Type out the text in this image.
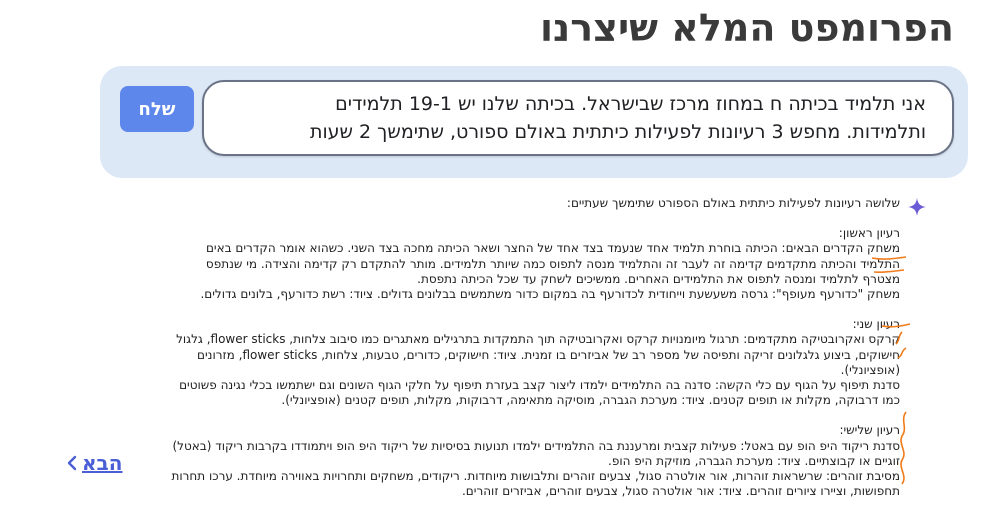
הפרומפט המלא שיצרנו
אני תלמיד בכיתה ח במחוז מרכז שבישראל. בכיתה שלנו יש 19-1 תלמידים
ותלמידות. מחפש 3 רעיונות לפעילות כיתתית באולם ספורט, שתימשך 2 שעות
שלח

שלושה רעיונות לפעילות כיתתית באולם הספורט שתימשך שעתיים:

רעיון ראשון:

משחק הקדרים הבאים: הכיתה בוחרת תלמיד אחד שנעמד בצד אחד של החצר ושאר הכיתה מחכה בצד השני. כשהוא אומר הקדרים באים

התלמיד והכיתה מתקדמים קדימה זה לעבר זה והתלמיד מנסה לתפוס כמה שיותר תלמידים. מותר להתקדם רק קדימה והצידה. מי שנתפס

מצטרף לתלמיד ומנסה לתפוס את התלמידים האחרים. ממשיכים לשחק עד שכל הכיתה נתפסת.

משחק "כדורעף מעופף": גרסה משעשעת וייחודית לכדורעף בה במקום כדור משתמשים בבלונים גדולים. ציוד: רשת כדורעף, בלונים גדולים.

רעיון שני:

קרקס ואקרובטיקה מתקדמים: תרגול מיומנויות קרקס ואקרובטיקה תוך התמקדות בתרגילים מאתגרים כמו סיבוב צלחות, flower sticks, גלגול

חישוקים, ביצוע גלגלונים זריקה ותפיסה של מספר רב של אביזרים בו זמנית. ציוד: חישוקים, כדורים, טבעות, צלחות, flower sticks, מזרונים

(אופציונלי).

סדנת תיפוף על הגוף עם כלי הקשה: סדנה בה התלמידים ילמדו ליצור קצב בעזרת תיפוף על חלקי הגוף השונים וגם ישתמשו בכלי נגינה פשוטים

כמו דרבוקה, מקלות או תופים קטנים. ציוד: מערכת הגברה, מוסיקה מתאימה, דרבוקות, מקלות, תופים קטנים (אופציונלי).

רעיון שלישי:

סדנת ריקוד היפ הופ עם באטל: פעילות קצבית ומרעננת בה התלמידים ילמדו תנועות בסיסיות של ריקוד היפ הופ ויתמודדו בקרבות ריקוד (באטל)

זוגיים או קבוצתיים. ציוד: מערכת הגברה, מוזיקת היפ הופ.

מסיבת זוהרים: שרשראות זוהרות, אור אולטרה סגול, צבעים זוהרים ותלבושות מיוחדות. ריקודים, משחקים ותחרויות באווירה מיוחדת. ערכו תחרות

תחפושות, וציירו ציורים זוהרים. ציוד: אור אולטרה סגול, צבעים זוהרים, אביזרים זוהרים.

הבא
